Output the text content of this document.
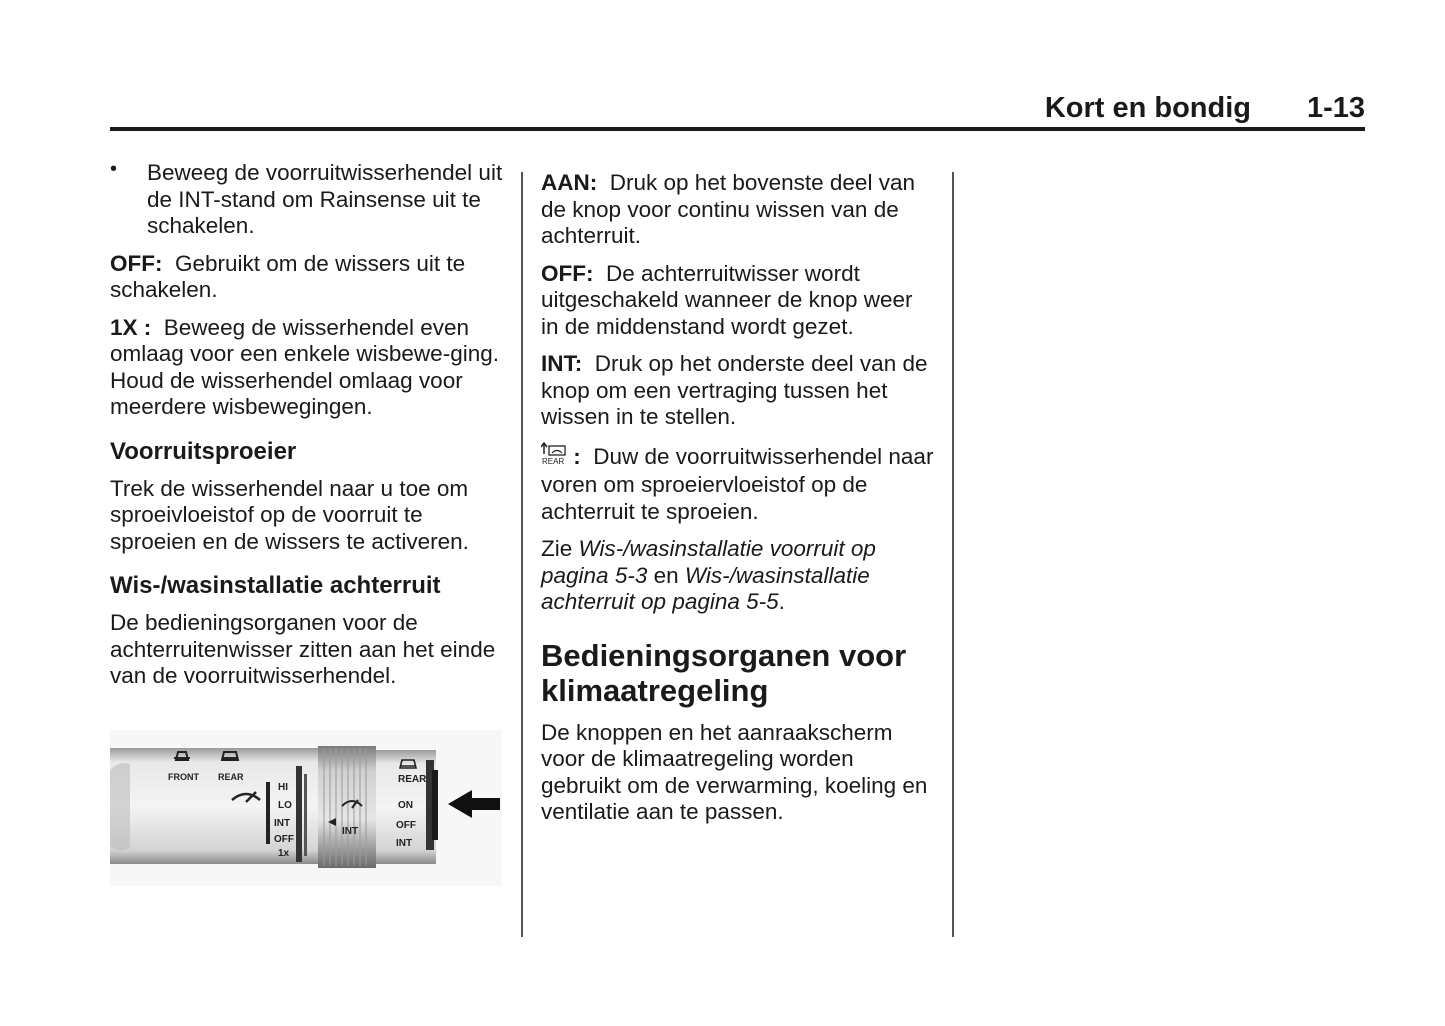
Kort en bondig 1-13
• Beweeg de voorruitwisserhendel uit de INT-stand om Rainsense uit te schakelen.

OFF: Gebruikt om de wissers uit te schakelen.

1X : Beweeg de wisserhendel even omlaag voor een enkele wisbewe-ging. Houd de wisserhendel omlaag voor meerdere wisbewegingen.

Voorruitsproeier

Trek de wisserhendel naar u toe om sproeivloeistof op de voorruit te sproeien en de wissers te activeren.

Wis-/wasinstallatie achterruit

De bedieningsorganen voor de achterruitenwisser zitten aan het einde van de voorruitwisserhendel.

FRONT REAR
HI
LO
INT
OFF
1x
INT
REAR
ON
OFF
INT

AAN: Druk op het bovenste deel van de knop voor continu wissen van de achterruit.

OFF: De achterruitwisser wordt uitgeschakeld wanneer de knop weer in de middenstand wordt gezet.

INT: Druk op het onderste deel van de knop om een vertraging tussen het wissen in te stellen.

REAR : Duw de voorruitwisserhendel naar voren om sproeiervloeistof op de achterruit te sproeien.

Zie Wis-/wasinstallatie voorruit op pagina 5-3 en Wis-/wasinstallatie achterruit op pagina 5-5.

Bedieningsorganen voor klimaatregeling

De knoppen en het aanraakscherm voor de klimaatregeling worden gebruikt om de verwarming, koeling en ventilatie aan te passen.
